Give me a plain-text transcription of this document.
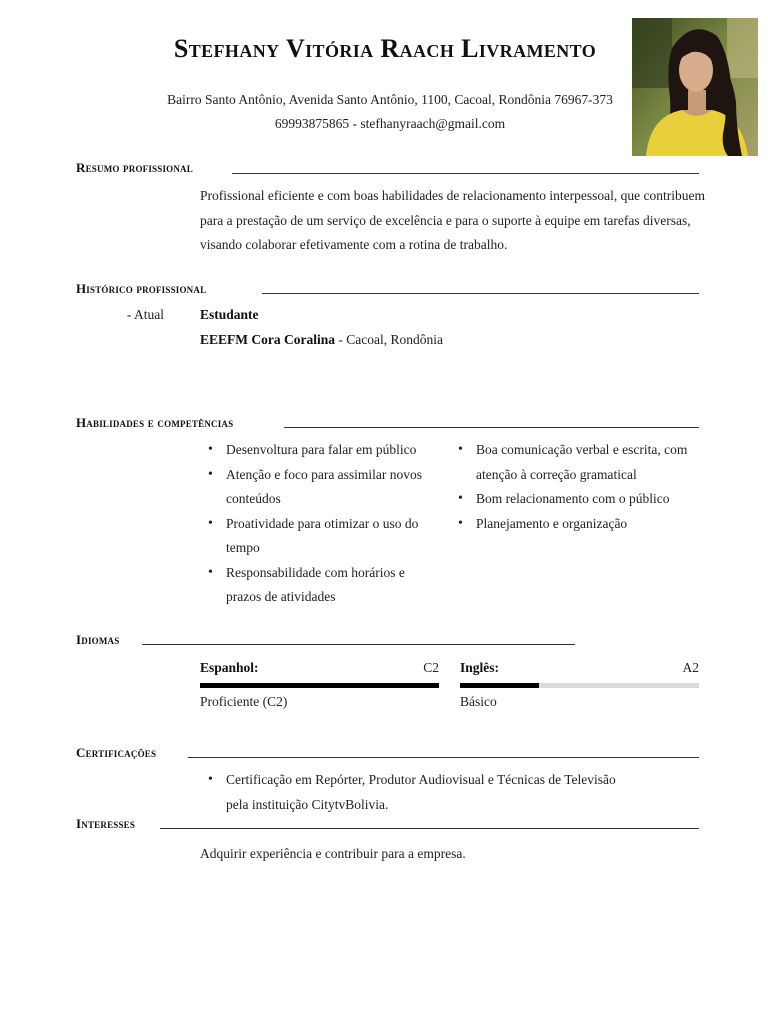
Stefhany Vitória Raach Livramento
Bairro Santo Antônio, Avenida Santo Antônio, 1100, Cacoal, Rondônia 76967-373
69993875865 - stefhanyraach@gmail.com
Resumo profissional
Profissional eficiente e com boas habilidades de relacionamento interpessoal, que contribuem para a prestação de um serviço de excelência e para o suporte à equipe em tarefas diversas, visando colaborar efetivamente com a rotina de trabalho.
Histórico profissional
- Atual	Estudante
EEEFM Cora Coralina - Cacoal, Rondônia
Habilidades e competências
• Desenvoltura para falar em público
• Atenção e foco para assimilar novos conteúdos
• Proatividade para otimizar o uso do tempo
• Responsabilidade com horários e prazos de atividades
• Boa comunicação verbal e escrita, com atenção à correção gramatical
• Bom relacionamento com o público
• Planejamento e organização
Idiomas
Espanhol:	C2
Proficiente (C2)
Inglês:	A2
Básico
Certificações
• Certificação em Repórter, Produtor Audiovisual e Técnicas de Televisão
pela instituição CitytvBolivia.
Interesses
Adquirir experiência e contribuir para a empresa.
